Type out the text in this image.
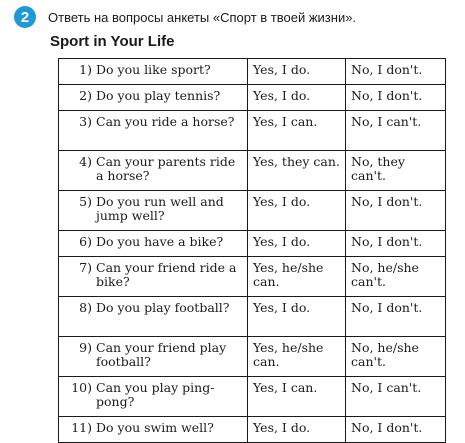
2	Ответь на вопросы анкеты «Спорт в твоей жизни».
Sport in Your Life
1) Do you like sport?	Yes, I do.	No, I don't.

2) Do you play tennis?	Yes, I do.	No, I don't.

3) Can you ride a horse?	Yes, I can.	No, I can't.

4) Can your parents ride a horse?	Yes, they can.	No, they can't.

5) Do you run well and jump well?	Yes, I do.	No, I don't.

6) Do you have a bike?	Yes, I do.	No, I don't.

7) Can your friend ride a bike?	Yes, he/she can.	No, he/she can't.

8) Do you play football?	Yes, I do.	No, I don't.

9) Can your friend play football?	Yes, he/she can.	No, he/she can't.

10) Can you play ping-pong?	Yes, I can.	No, I can't.

11) Do you swim well?	Yes, I do.	No, I don't.
